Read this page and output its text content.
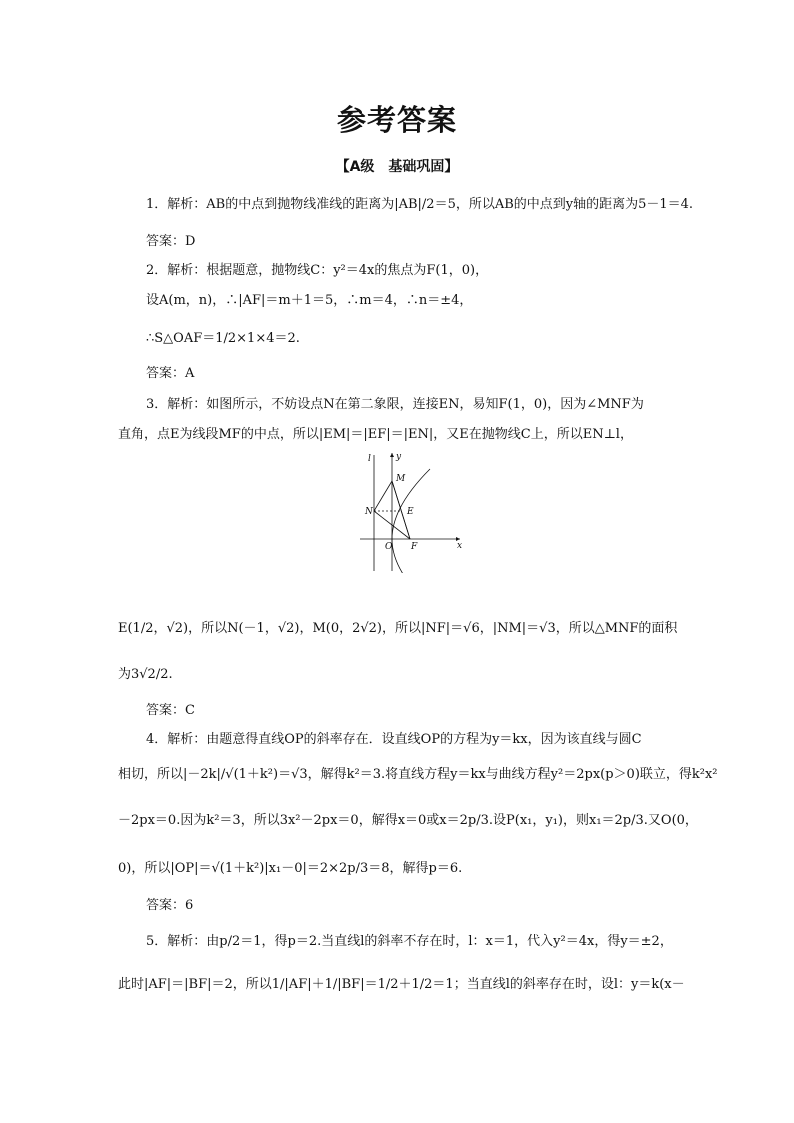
参考答案
【A级　基础巩固】
1．解析：AB的中点到抛物线准线的距离为|AB|/2＝5，所以AB的中点到y轴的距离为5－1＝4.
答案：D
2．解析：根据题意，抛物线C：y²＝4x的焦点为F(1，0)，
设A(m，n)，∴|AF|＝m＋1＝5，∴m＝4，∴n＝±4，
∴S△OAF＝1/2×1×4＝2.
答案：A
3．解析：如图所示，不妨设点N在第二象限，连接EN，易知F(1，0)，因为∠MNF为
直角，点E为线段MF的中点，所以|EM|＝|EF|＝|EN|，又E在抛物线C上，所以EN⊥l，
l	y
x
M
N	E
O F
E(1/2，√2)，所以N(－1，√2)，M(0，2√2)，所以|NF|＝√6，|NM|＝√3，所以△MNF的面积
为3√2/2.
答案：C
4．解析：由题意得直线OP的斜率存在．设直线OP的方程为y＝kx，因为该直线与圆C
相切，所以|－2k|/√(1＋k²)＝√3，解得k²＝3.将直线方程y＝kx与曲线方程y²＝2px(p＞0)联立，得k²x²
－2px＝0.因为k²＝3，所以3x²－2px＝0，解得x＝0或x＝2p/3.设P(x₁，y₁)，则x₁＝2p/3.又O(0，
0)，所以|OP|＝√(1＋k²)|x₁－0|＝2×2p/3＝8，解得p＝6.
答案：6
5．解析：由p/2＝1，得p＝2.当直线l的斜率不存在时，l：x＝1，代入y²＝4x，得y＝±2，
此时|AF|＝|BF|＝2，所以1/|AF|＋1/|BF|＝1/2＋1/2＝1；当直线l的斜率存在时，设l：y＝k(x－
